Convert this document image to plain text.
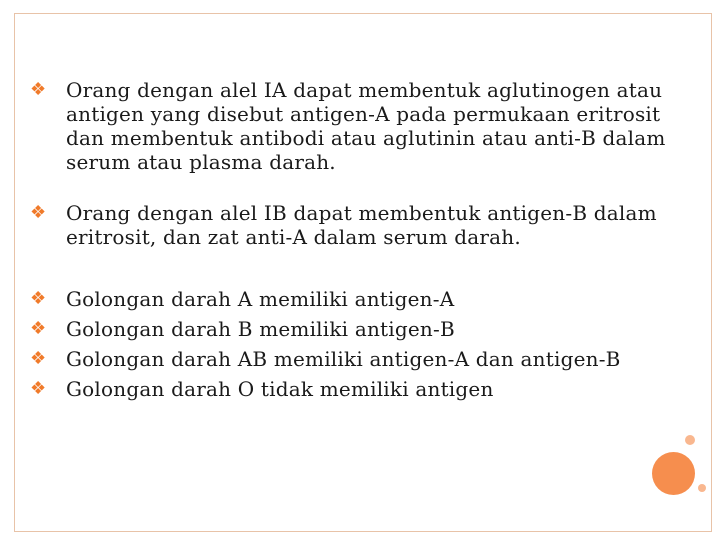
❖ Orang dengan alel IA dapat membentuk aglutinogen atau antigen yang disebut antigen-A pada permukaan eritrosit dan membentuk antibodi atau aglutinin atau anti-B dalam serum atau plasma darah.
❖ Orang dengan alel IB dapat membentuk antigen-B dalam eritrosit, dan zat anti-A dalam serum darah.
❖ Golongan darah A memiliki antigen-A
❖ Golongan darah B memiliki antigen-B
❖ Golongan darah AB memiliki antigen-A dan antigen-B
❖ Golongan darah O tidak memiliki antigen
